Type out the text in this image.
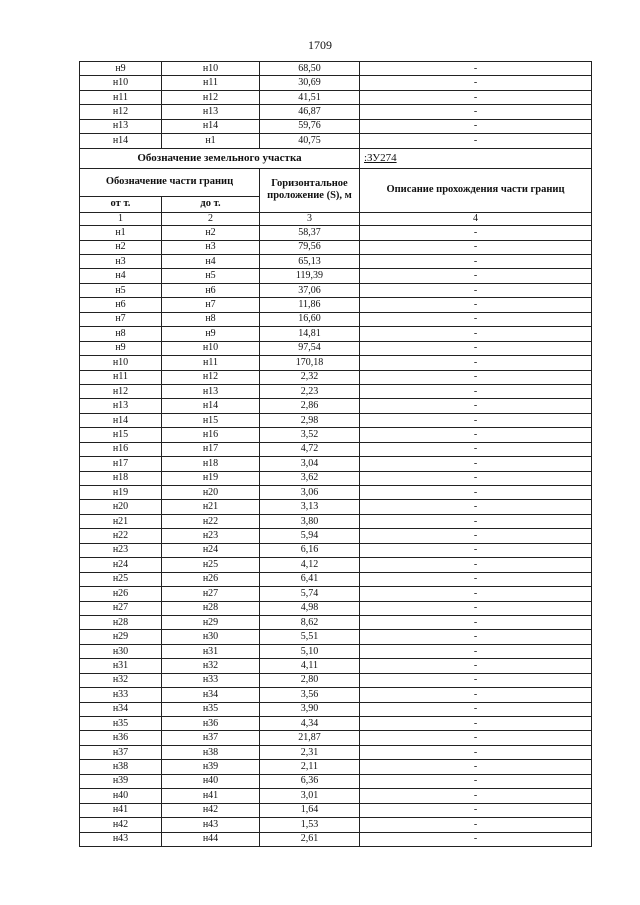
1709
н9	н10	68,50	-
н10	н11	30,69	-
н11	н12	41,51	-
н12	н13	46,87	-
н13	н14	59,76	-
н14	н1	40,75	-
Обозначение земельного участка			:ЗУ274
Обозначение части границ		Горизонтальное проложение (S), м	Описание прохождения части границ
от т.	до т.		
1	2	3	4
н1	н2	58,37	-
н2	н3	79,56	-
н3	н4	65,13	-
н4	н5	119,39	-
н5	н6	37,06	-
н6	н7	11,86	-
н7	н8	16,60	-
н8	н9	14,81	-
н9	н10	97,54	-
н10	н11	170,18	-
н11	н12	2,32	-
н12	н13	2,23	-
н13	н14	2,86	-
н14	н15	2,98	-
н15	н16	3,52	-
н16	н17	4,72	-
н17	н18	3,04	-
н18	н19	3,62	-
н19	н20	3,06	-
н20	н21	3,13	-
н21	н22	3,80	-
н22	н23	5,94	-
н23	н24	6,16	-
н24	н25	4,12	-
н25	н26	6,41	-
н26	н27	5,74	-
н27	н28	4,98	-
н28	н29	8,62	-
н29	н30	5,51	-
н30	н31	5,10	-
н31	н32	4,11	-
н32	н33	2,80	-
н33	н34	3,56	-
н34	н35	3,90	-
н35	н36	4,34	-
н36	н37	21,87	-
н37	н38	2,31	-
н38	н39	2,11	-
н39	н40	6,36	-
н40	н41	3,01	-
н41	н42	1,64	-
н42	н43	1,53	-
н43	н44	2,61	-
